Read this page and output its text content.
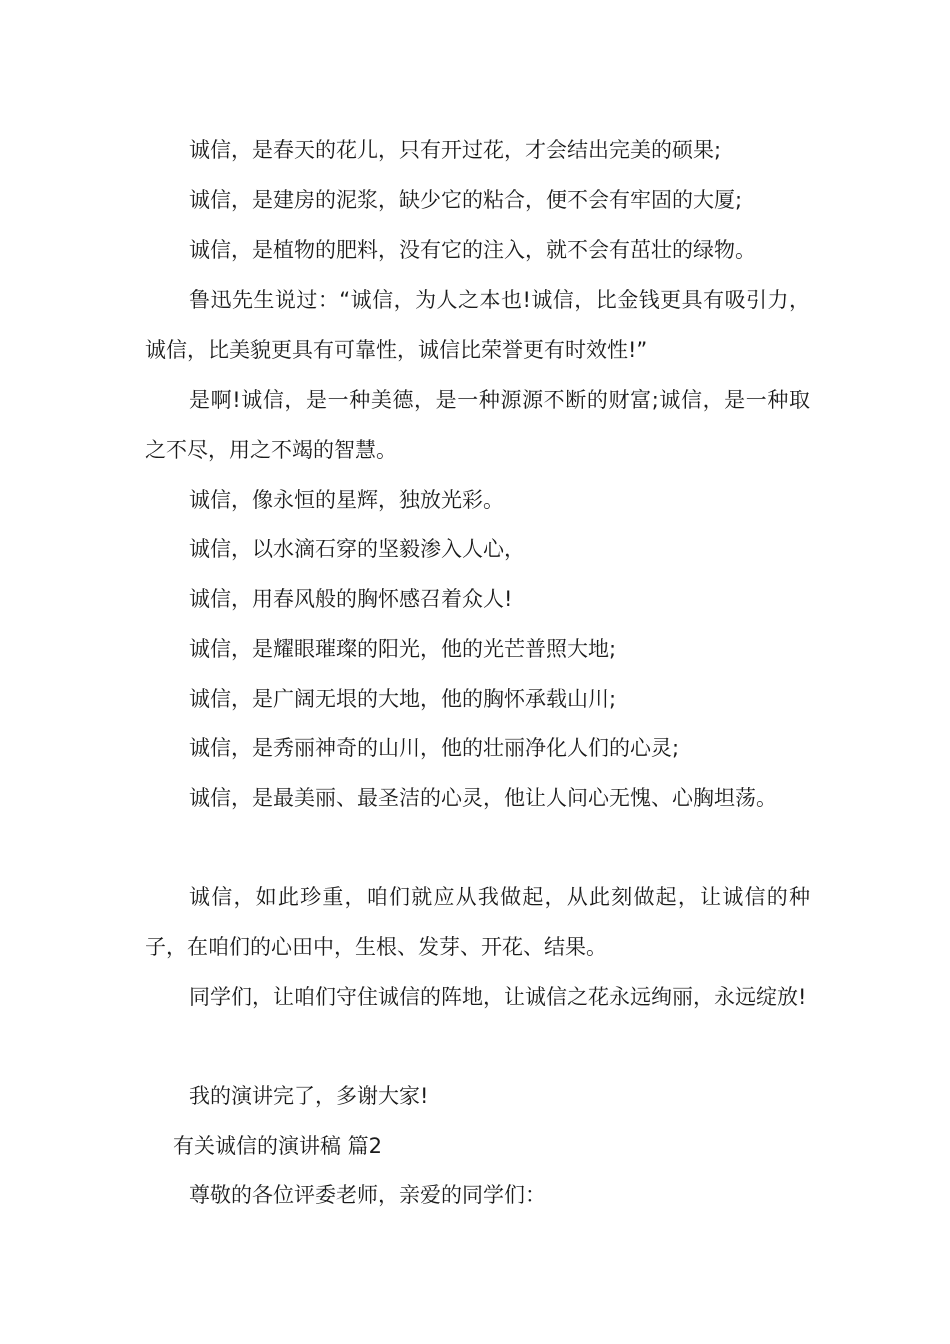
诚信，是春天的花儿，只有开过花，才会结出完美的硕果;

诚信，是建房的泥浆，缺少它的粘合，便不会有牢固的大厦;

诚信，是植物的肥料，没有它的注入，就不会有茁壮的绿物。

鲁迅先生说过：“诚信，为人之本也!诚信，比金钱更具有吸引力，诚信，比美貌更具有可靠性，诚信比荣誉更有时效性!”

是啊!诚信，是一种美德，是一种源源不断的财富;诚信，是一种取之不尽，用之不竭的智慧。

诚信，像永恒的星辉，独放光彩。

诚信，以水滴石穿的坚毅渗入人心，

诚信，用春风般的胸怀感召着众人!

诚信，是耀眼璀璨的阳光，他的光芒普照大地;

诚信，是广阔无垠的大地，他的胸怀承载山川;

诚信，是秀丽神奇的山川，他的壮丽净化人们的心灵;

诚信，是最美丽、最圣洁的心灵，他让人问心无愧、心胸坦荡。

诚信，如此珍重，咱们就应从我做起，从此刻做起，让诚信的种子，在咱们的心田中，生根、发芽、开花、结果。

同学们，让咱们守住诚信的阵地，让诚信之花永远绚丽，永远绽放!

我的演讲完了，多谢大家!

有关诚信的演讲稿 篇2

尊敬的各位评委老师，亲爱的同学们：
